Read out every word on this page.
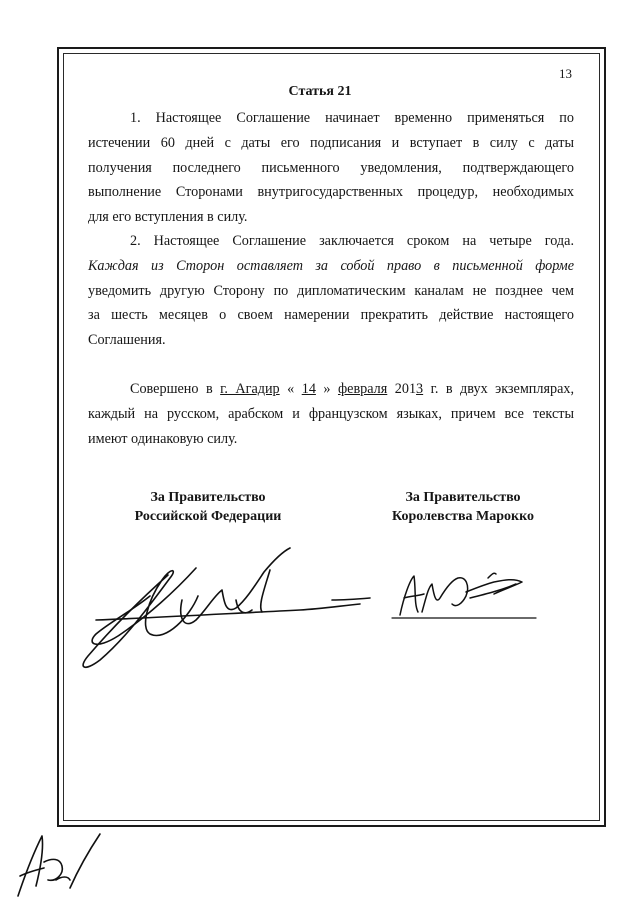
13
Статья 21
1. Настоящее Соглашение начинает временно применяться по
истечении 60 дней с даты его подписания и вступает в силу с даты
получения последнего письменного уведомления, подтверждающего
выполнение Сторонами внутригосударственных процедур, необходимых
для его вступления в силу.
2. Настоящее Соглашение заключается сроком на четыре года.
Каждая из Сторон оставляет за собой право в письменной форме
уведомить другую Сторону по дипломатическим каналам не позднее чем
за шесть месяцев о своем намерении прекратить действие настоящего
Соглашения.
Совершено в г. Агадир « 14 » февраля 2013 г. в двух экземплярах,
каждый на русском, арабском и французском языках, причем все тексты
имеют одинаковую силу.
За Правительство
Российской Федерации
За Правительство
Королевства Марокко
